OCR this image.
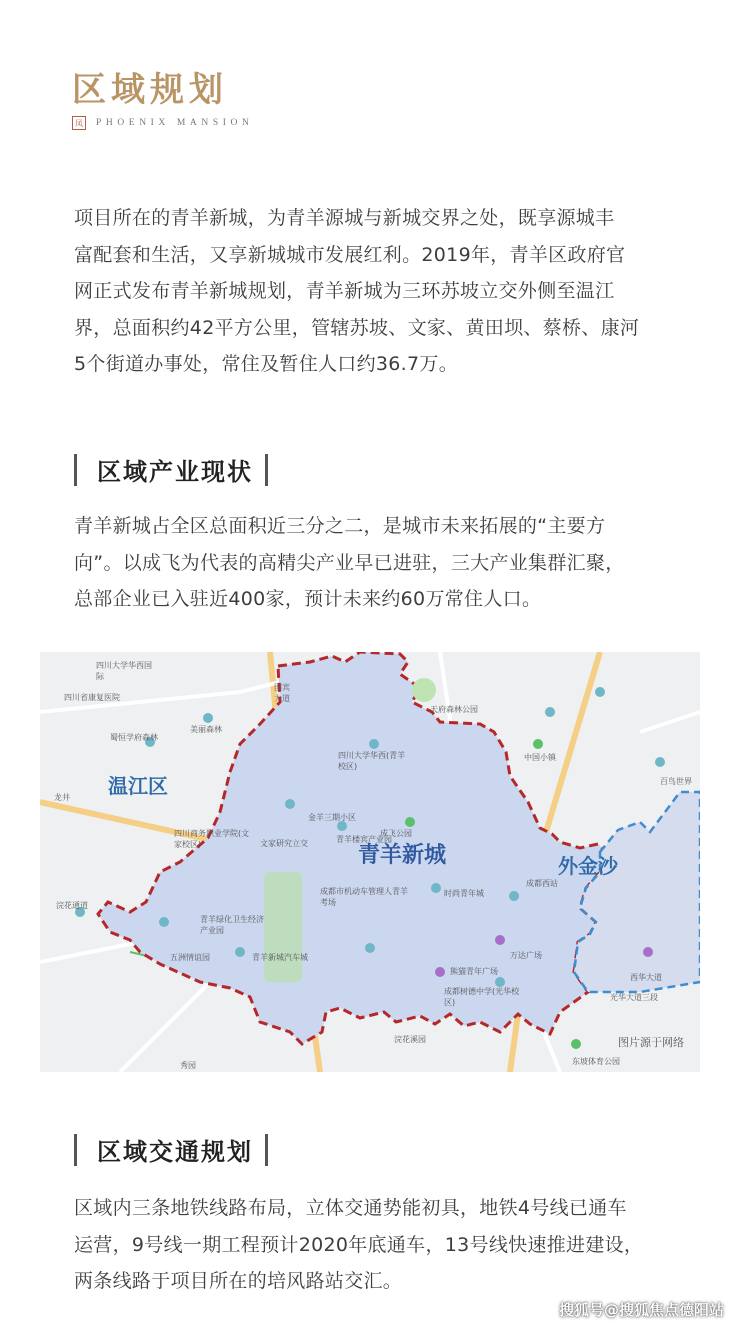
区域规划
凤	PHOENIX MANSION
项目所在的青羊新城，为青羊源城与新城交界之处，既享源城丰
富配套和生活，又享新城城市发展红利。2019年，青羊区政府官
网正式发布青羊新城规划，青羊新城为三环苏坡立交外侧至温江
界，总面积约42平方公里，管辖苏坡、文家、黄田坝、蔡桥、康河
5个街道办事处，常住及暂住人口约36.7万。
区域产业现状
青羊新城占全区总面积近三分之二，是城市未来拓展的“主要方
向”。以成飞为代表的高精尖产业早已进驻，三大产业集群汇聚，
总部企业已入驻近400家，预计未来约60万常住人口。
温江区
青羊新城	外金沙
四川大学华西国际
四川省康复医院
蜀恒学府森林
美丽森林
四川大学华西(青羊校区)
天府森林公园
金羊三期小区
成飞公园
青羊楼宾产业园
四川商务职业学院(文家校区)	文家研究立交
时尚青年城
成都市机动车管理人青羊考场
青羊绿化卫生经济产业园
五洲情谊园	青羊新城汽车城	万达广场
熊猫青年广场
成都树德中学(光华校区)
浣花溪园
中国小镇
西华大道
光华大道三段
东坡体育公园
浣花通道
龙井
国宾大道
秀园
成都西站
百鸟世界
图片源于网络
区域交通规划
区域内三条地铁线路布局，立体交通势能初具，地铁4号线已通车
运营，9号线一期工程预计2020年底通车，13号线快速推进建设，
两条线路于项目所在的培风路站交汇。
搜狐号@搜狐焦点德阳站
